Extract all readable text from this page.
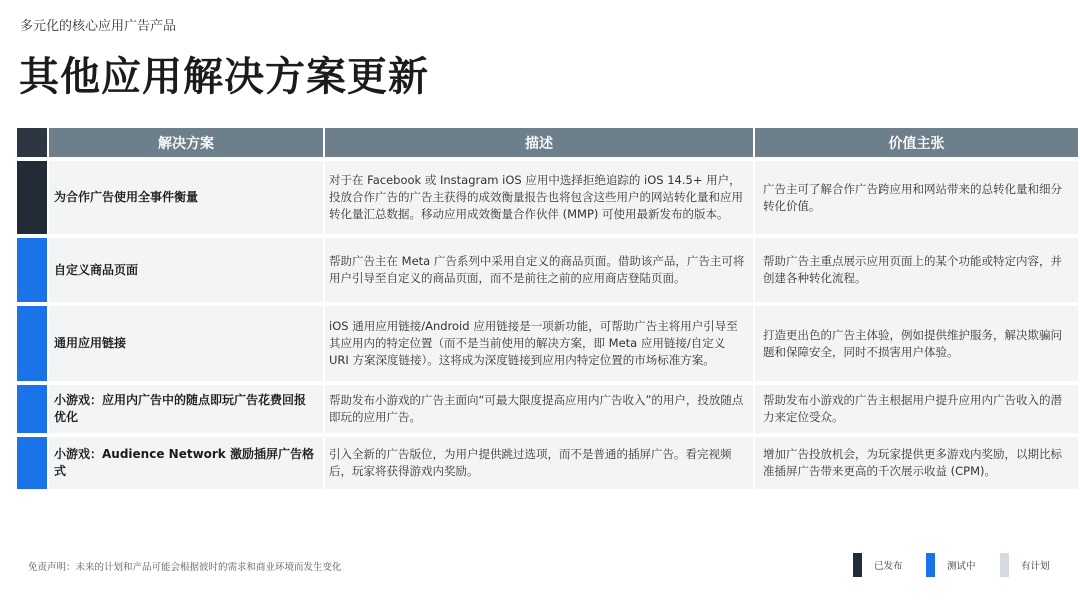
多元化的核心应用广告产品
其他应用解决方案更新
	解决方案	描述	价值主张
	为合作广告使用全事件衡量	对于在 Facebook 或 Instagram iOS 应用中选择拒绝追踪的 iOS 14.5+ 用户，投放合作广告的广告主获得的成效衡量报告也将包含这些用户的网站转化量和应用转化量汇总数据。移动应用成效衡量合作伙伴 (MMP) 可使用最新发布的版本。	广告主可了解合作广告跨应用和网站带来的总转化量和细分转化价值。
	自定义商品页面	帮助广告主在 Meta 广告系列中采用自定义的商品页面。借助该产品，广告主可将用户引导至自定义的商品页面，而不是前往之前的应用商店登陆页面。	帮助广告主重点展示应用页面上的某个功能或特定内容，并创建各种转化流程。
	通用应用链接	iOS 通用应用链接/Android 应用链接是一项新功能，可帮助广告主将用户引导至其应用内的特定位置（而不是当前使用的解决方案，即 Meta 应用链接/自定义 URI 方案深度链接）。这将成为深度链接到应用内特定位置的市场标准方案。	打造更出色的广告主体验，例如提供维护服务，解决欺骗问题和保障安全，同时不损害用户体验。
	小游戏：应用内广告中的随点即玩广告花费回报优化	帮助发布小游戏的广告主面向“可最大限度提高应用内广告收入”的用户，投放随点即玩的应用广告。	帮助发布小游戏的广告主根据用户提升应用内广告收入的潜力来定位受众。
	小游戏：Audience Network 激励插屏广告格式	引入全新的广告版位，为用户提供跳过选项，而不是普通的插屏广告。看完视频后，玩家将获得游戏内奖励。	增加广告投放机会，为玩家提供更多游戏内奖励，以期比标准插屏广告带来更高的千次展示收益 (CPM)。
免责声明：未来的计划和产品可能会根据彼时的需求和商业环境而发生变化	已发布	测试中	有计划
